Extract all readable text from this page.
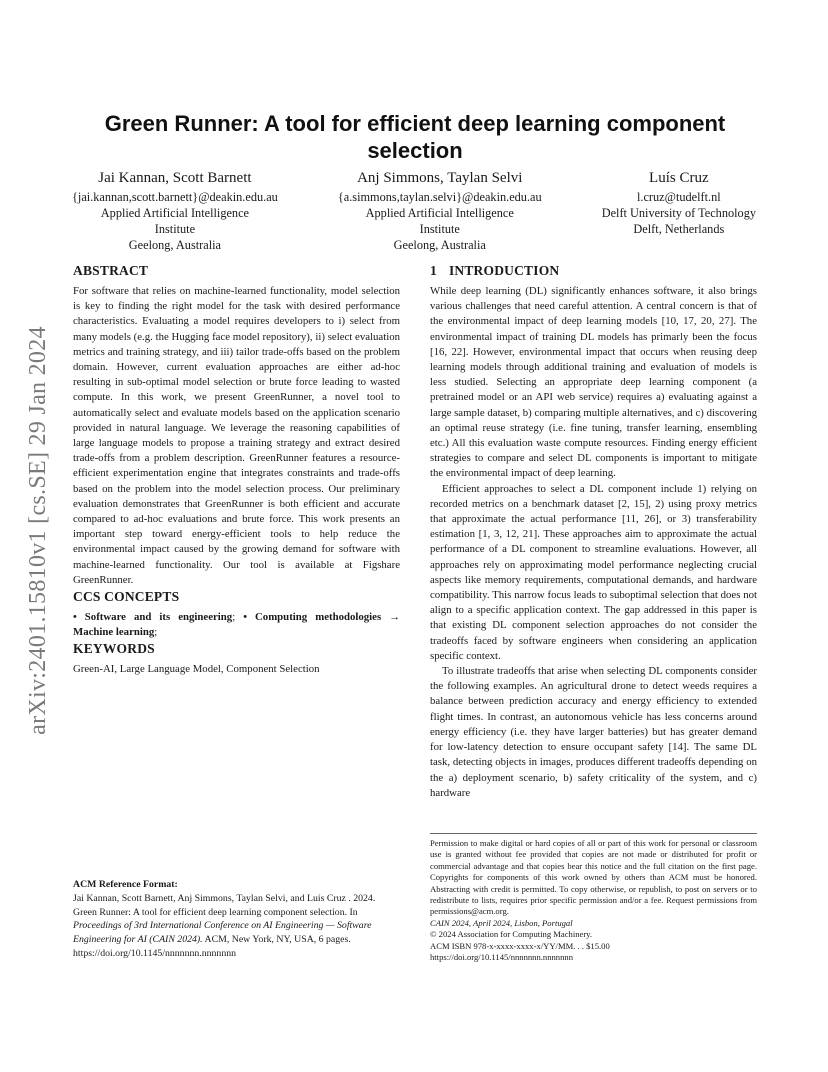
arXiv:2401.15810v1 [cs.SE] 29 Jan 2024
Green Runner: A tool for efficient deep learning component selection
Jai Kannan, Scott Barnett
{jai.kannan,scott.barnett}@deakin.edu.au
Applied Artificial Intelligence
Institute
Geelong, Australia
Anj Simmons, Taylan Selvi
{a.simmons,taylan.selvi}@deakin.edu.au
Applied Artificial Intelligence
Institute
Geelong, Australia
Luís Cruz
l.cruz@tudelft.nl
Delft University of Technology
Delft, Netherlands
ABSTRACT

For software that relies on machine-learned functionality, model selection is key to finding the right model for the task with desired performance characteristics. Evaluating a model requires developers to i) select from many models (e.g. the Hugging face model repository), ii) select evaluation metrics and training strategy, and iii) tailor trade-offs based on the problem domain. However, current evaluation approaches are either ad-hoc resulting in sub-optimal model selection or brute force leading to wasted compute. In this work, we present GreenRunner, a novel tool to automatically select and evaluate models based on the application scenario provided in natural language. We leverage the reasoning capabilities of large language models to propose a training strategy and extract desired trade-offs from a problem description. GreenRunner features a resource-efficient experimentation engine that integrates constraints and trade-offs based on the problem into the model selection process. Our preliminary evaluation demonstrates that GreenRunner is both efficient and accurate compared to ad-hoc evaluations and brute force. This work presents an important step toward energy-efficient tools to help reduce the environmental impact caused by the growing demand for software with machine-learned functionality. Our tool is available at Figshare GreenRunner.

CCS CONCEPTS

• Software and its engineering; • Computing methodologies → Machine learning;

KEYWORDS

Green-AI, Large Language Model, Component Selection

ACM Reference Format:
Jai Kannan, Scott Barnett, Anj Simmons, Taylan Selvi, and Luís Cruz . 2024. Green Runner: A tool for efficient deep learning component selection. In Proceedings of 3rd International Conference on AI Engineering — Software Engineering for AI (CAIN 2024). ACM, New York, NY, USA, 6 pages. https://doi.org/10.1145/nnnnnnn.nnnnnnn
1 INTRODUCTION

While deep learning (DL) significantly enhances software, it also brings various challenges that need careful attention. A central concern is that of the environmental impact of deep learning models [10, 17, 20, 27]. The environmental impact of training DL models has primarly been the focus [16, 22]. However, environmental impact that occurs when reusing deep learning models through additional training and evaluation of models is less studied. Selecting an appropriate deep learning component (a pretrained model or an API web service) requires a) evaluating against a large sample dataset, b) comparing multiple alternatives, and c) discovering an optimal reuse strategy (i.e. fine tuning, transfer learning, ensembling etc.) All this evaluation waste compute resources. Finding energy efficient strategies to compare and select DL components is important to mitigate the environmental impact of deep learning.

Efficient approaches to select a DL component include 1) relying on recorded metrics on a benchmark dataset [2, 15], 2) using proxy metrics that approximate the actual performance [11, 26], or 3) transferability estimation [1, 3, 12, 21]. These approaches aim to approximate the actual performance of a DL component to streamline evaluations. However, all approaches rely on approximating model performance neglecting crucial aspects like memory requirements, computational demands, and hardware compatibility. This narrow focus leads to suboptimal selection that does not align to a specific application context. The gap addressed in this paper is that existing DL component selection approaches do not consider the tradeoffs faced by software engineers when considering an application specific context.

To illustrate tradeoffs that arise when selecting DL components consider the following examples. An agricultural drone to detect weeds requires a balance between prediction accuracy and energy efficiency to extended flight times. In contrast, an autonomous vehicle has less concerns around energy efficiency (i.e. they have larger batteries) but has greater demand for low-latency detection to ensure occupant safety [14]. The same DL task, detecting objects in images, produces different tradeoffs depending on the a) deployment scenario, b) safety criticality of the system, and c) hardware

Permission to make digital or hard copies of all or part of this work for personal or classroom use is granted without fee provided that copies are not made or distributed for profit or commercial advantage and that copies bear this notice and the full citation on the first page. Copyrights for components of this work owned by others than ACM must be honored. Abstracting with credit is permitted. To copy otherwise, or republish, to post on servers or to redistribute to lists, requires prior specific permission and/or a fee. Request permissions from permissions@acm.org.

CAIN 2024, April 2024, Lisbon, Portugal
© 2024 Association for Computing Machinery.
ACM ISBN 978-x-xxxx-xxxx-x/YY/MM. . . $15.00
https://doi.org/10.1145/nnnnnnn.nnnnnnn
